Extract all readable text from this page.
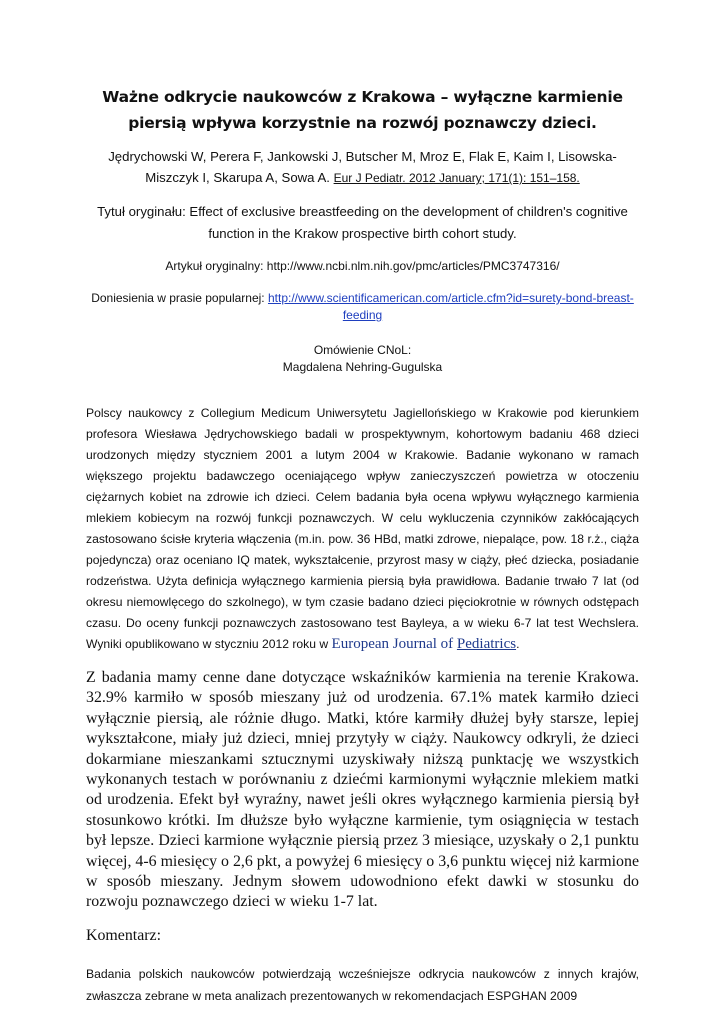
Ważne odkrycie naukowców z Krakowa – wyłączne karmienie piersią wpływa korzystnie na rozwój poznawczy dzieci.

Jędrychowski W, Perera F, Jankowski J, Butscher M, Mroz E, Flak E, Kaim I, Lisowska-Miszczyk I, Skarupa A, Sowa A. Eur J Pediatr. 2012 January; 171(1): 151–158.

Tytuł oryginału: Effect of exclusive breastfeeding on the development of children's cognitive function in the Krakow prospective birth cohort study.

Artykuł oryginalny: http://www.ncbi.nlm.nih.gov/pmc/articles/PMC3747316/

Doniesienia w prasie popularnej: http://www.scientificamerican.com/article.cfm?id=surety-bond-breast-feeding

Omówienie CNoL:
Magdalena Nehring-Gugulska

Polscy naukowcy z Collegium Medicum Uniwersytetu Jagiellońskiego w Krakowie pod kierunkiem profesora Wiesława Jędrychowskiego badali w prospektywnym, kohortowym badaniu 468 dzieci urodzonych między styczniem 2001 a lutym 2004 w Krakowie. Badanie wykonano w ramach większego projektu badawczego oceniającego wpływ zanieczyszczeń powietrza w otoczeniu ciężarnych kobiet na zdrowie ich dzieci. Celem badania była ocena wpływu wyłącznego karmienia mlekiem kobiecym na rozwój funkcji poznawczych. W celu wykluczenia czynników zakłócających zastosowano ścisłe kryteria włączenia (m.in. pow. 36 HBd, matki zdrowe, niepalące, pow. 18 r.ż., ciąża pojedyncza) oraz oceniano IQ matek, wykształcenie, przyrost masy w ciąży, płeć dziecka, posiadanie rodzeństwa. Użyta definicja wyłącznego karmienia piersią była prawidłowa. Badanie trwało 7 lat (od okresu niemowlęcego do szkolnego), w tym czasie badano dzieci pięciokrotnie w równych odstępach czasu. Do oceny funkcji poznawczych zastosowano test Bayleya, a w wieku 6-7 lat test Wechslera. Wyniki opublikowano w styczniu 2012 roku w European Journal of Pediatrics.

Z badania mamy cenne dane dotyczące wskaźników karmienia na terenie Krakowa. 32.9% karmiło w sposób mieszany już od urodzenia. 67.1% matek karmiło dzieci wyłącznie piersią, ale różnie długo. Matki, które karmiły dłużej były starsze, lepiej wykształcone, miały już dzieci, mniej przytyły w ciąży. Naukowcy odkryli, że dzieci dokarmiane mieszankami sztucznymi uzyskiwały niższą punktację we wszystkich wykonanych testach w porównaniu z dziećmi karmionymi wyłącznie mlekiem matki od urodzenia. Efekt był wyraźny, nawet jeśli okres wyłącznego karmienia piersią był stosunkowo krótki. Im dłuższe było wyłączne karmienie, tym osiągnięcia w testach był lepsze. Dzieci karmione wyłącznie piersią przez 3 miesiące, uzyskały o 2,1 punktu więcej, 4-6 miesięcy o 2,6 pkt, a powyżej 6 miesięcy o 3,6 punktu więcej niż karmione w sposób mieszany. Jednym słowem udowodniono efekt dawki w stosunku do rozwoju poznawczego dzieci w wieku 1-7 lat.

Komentarz:

Badania polskich naukowców potwierdzają wcześniejsze odkrycia naukowców z innych krajów, zwłaszcza zebrane w meta analizach prezentowanych w rekomendacjach ESPGHAN 2009
